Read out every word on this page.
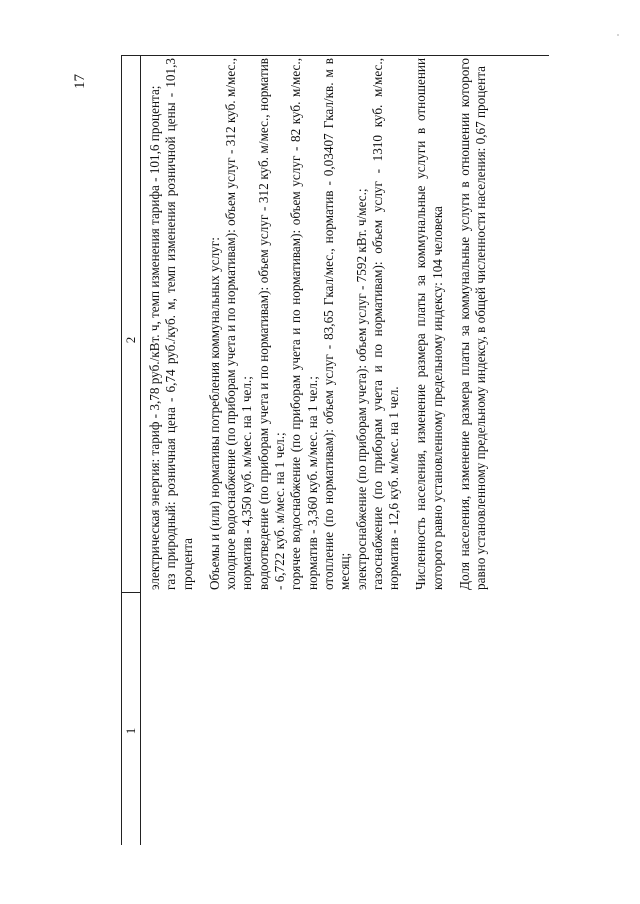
17
1
2 электрическая энергия: тариф - 3,78 руб./кВт. ч, темп изменения тарифа - 101,6 процента; газ природный: розничная цена - 6,74 руб./куб. м, темп изменения розничной цены - 101,3 процента Объемы и (или) нормативы потребления коммунальных услуг: холодное водоснабжение (по приборам учета и по нормативам): объем услуг - 312 куб. м/мес., норматив - 4,350 куб. м/мес. на 1 чел.; водоотведение (по приборам учета и по нормативам): объем услуг - 312 куб. м/мес., норматив - 6,722 куб. м/мес. на 1 чел.; горячее водоснабжение (по приборам учета и по нормативам): объем услуг - 82 куб. м/мес., норматив - 3,360 куб. м/мес. на 1 чел.; отопление (по нормативам): объем услуг - 83,65 Гкал/мес., норматив - 0,03407 Гкал/кв. м в месяц; электроснабжение (по приборам учета): объем услуг - 7592 кВт. ч/мес.; газоснабжение (по приборам учета и по нормативам): объем услуг - 1310 куб. м/мес., норматив - 12,6 куб. м/мес. на 1 чел. Численность населения, изменение размера платы за коммунальные услуги в отношении которого равно установленному предельному индексу: 104 человека Доля населения, изменение размера платы за коммунальные услуги в отношении которого равно установленному предельному индексу, в общей численности населения: 0,67 процента
